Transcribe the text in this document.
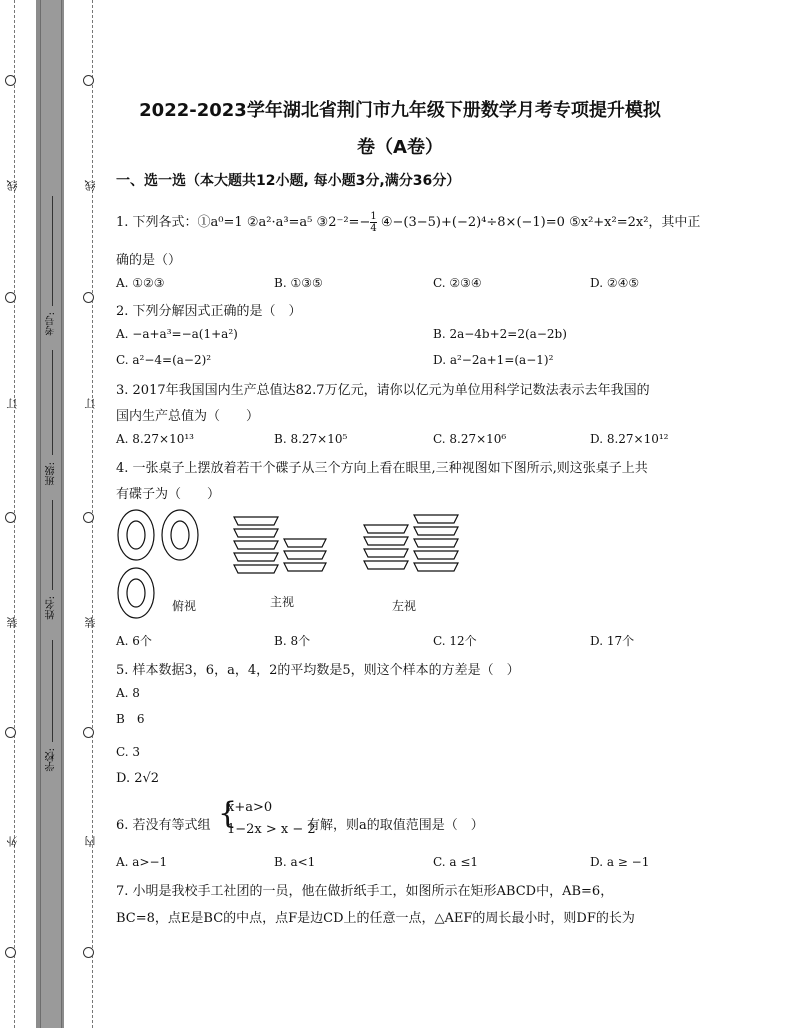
线
订
装
外
线
订
装
内
考号:
班级:
姓名:
学校:
2022-2023学年湖北省荆门市九年级下册数学月考专项提升模拟
卷（A卷）
一、选一选（本大题共12小题, 每小题3分,满分36分）
1. 下列各式：①a⁰=1 ②a²·a³=a⁵ ③2⁻²=− $\frac{1}{4}$ ④−(3−5)+(−2)⁴÷8×(−1)=0 ⑤x²+x²=2x²，其中正
确的是（）
A. ①②③	B. ①③⑤	C. ②③④	D. ②④⑤
2. 下列分解因式正确的是（　）
A. −a+a³=−a(1+a²)	B. 2a−4b+2=2(a−2b)
C. a²−4=(a−2)²	D. a²−2a+1=(a−1)²
3. 2017年我国国内生产总值达82.7万亿元，请你以亿元为单位用科学记数法表示去年我国的
国内生产总值为（　　）
A. 8.27×10¹³	B. 8.27×10⁵	C. 8.27×10⁶	D. 8.27×10¹²
4. 一张桌子上摆放着若干个碟子从三个方向上看在眼里,三种视图如下图所示,则这张桌子上共
有碟子为（　　）
俯视	主视	左视
A. 6个	B. 8个	C. 12个	D. 17个
5. 样本数据3，6，a，4，2的平均数是5，则这个样本的方差是（　）
A. 8
B　6
C. 3
D. 2√2
6. 若没有等式组 {
x+a>0
1−2x > x − 2
有解，则a的取值范围是（　）
A. a>−1	B. a<1	C. a ≤1	D. a ≥ −1
7. 小明是我校手工社团的一员，他在做折纸手工，如图所示在矩形ABCD中，AB=6，
BC=8，点E是BC的中点，点F是边CD上的任意一点，△AEF的周长最小时，则DF的长为
